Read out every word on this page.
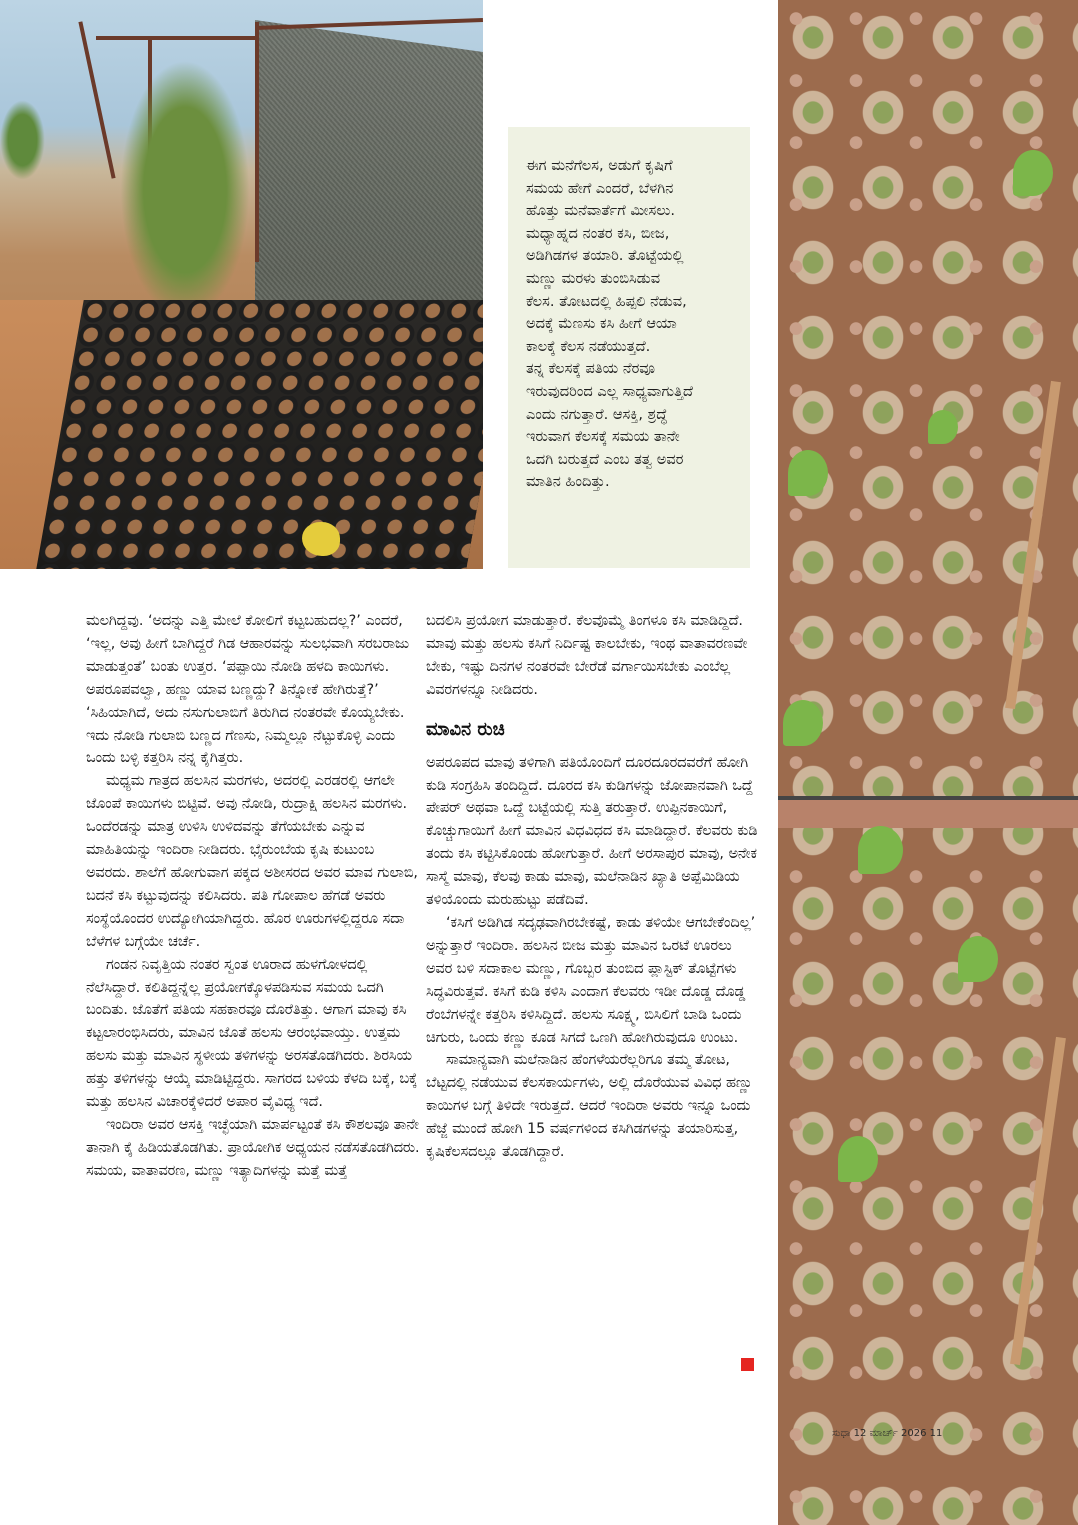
ಈಗ ಮನೆಗೆಲಸ, ಅಡುಗೆ ಕೃಷಿಗೆ
ಸಮಯ ಹೇಗೆ ಎಂದರೆ, ಬೆಳಗಿನ
ಹೊತ್ತು ಮನೆವಾರ್ತೆಗೆ ಮೀಸಲು.
ಮಧ್ಯಾಹ್ನದ ನಂತರ ಕಸಿ, ಬೀಜ,
ಅಡಿಗಿಡಗಳ ತಯಾರಿ. ತೊಟ್ಟೆಯಲ್ಲಿ
ಮಣ್ಣು ಮರಳು ತುಂಬಿಸಿಡುವ
ಕೆಲಸ. ತೋಟದಲ್ಲಿ ಹಿಪ್ಪಲಿ ನೆಡುವ,
ಅದಕ್ಕೆ ಮೆಣಸು ಕಸಿ ಹೀಗೆ ಆಯಾ
ಕಾಲಕ್ಕೆ ಕೆಲಸ ನಡೆಯುತ್ತದೆ.
ತನ್ನ ಕೆಲಸಕ್ಕೆ ಪತಿಯ ನೆರವೂ
ಇರುವುದರಿಂದ ಎಲ್ಲ ಸಾಧ್ಯವಾಗುತ್ತಿದೆ
ಎಂದು ನಗುತ್ತಾರೆ. ಆಸಕ್ತಿ, ಶ್ರದ್ಧೆ
ಇರುವಾಗ ಕೆಲಸಕ್ಕೆ ಸಮಯ ತಾನೇ
ಒದಗಿ ಬರುತ್ತದೆ ಎಂಬ ತತ್ವ ಅವರ
ಮಾತಿನ ಹಿಂದಿತ್ತು.

ಸುಧಾ 12 ಮಾರ್ಚ್ 2026 11

ಮಲಗಿದ್ದವು. ‘ಅದನ್ನು ಎತ್ತಿ ಮೇಲೆ ಕೋಲಿಗೆ ಕಟ್ಟಬಹುದಲ್ಲ?’ ಎಂದರೆ, ‘ಇಲ್ಲ, ಅವು ಹೀಗೆ ಬಾಗಿದ್ದರೆ ಗಿಡ ಆಹಾರವನ್ನು ಸುಲಭವಾಗಿ ಸರಬರಾಜು ಮಾಡುತ್ತಂತೆ’ ಬಂತು ಉತ್ತರ. ‘ಪಪ್ಪಾಯಿ ನೋಡಿ ಹಳದಿ ಕಾಯಿಗಳು. ಅಪರೂಪವಲ್ವಾ, ಹಣ್ಣು ಯಾವ ಬಣ್ಣದ್ದು? ತಿನ್ನೋಕೆ ಹೇಗಿರುತ್ತೆ?’ ‘ಸಿಹಿಯಾಗಿದೆ, ಅದು ನಸುಗುಲಾಬಿಗೆ ತಿರುಗಿದ ನಂತರವೇ ಕೊಯ್ಯಬೇಕು. ಇದು ನೋಡಿ ಗುಲಾಬಿ ಬಣ್ಣದ ಗೆಣಸು, ನಿಮ್ಮಲ್ಲೂ ನೆಟ್ಟುಕೊಳ್ಳಿ ಎಂದು ಒಂದು ಬಳ್ಳಿ ಕತ್ತರಿಸಿ ನನ್ನ ಕೈಗಿತ್ತರು.

ಮಧ್ಯಮ ಗಾತ್ರದ ಹಲಸಿನ ಮರಗಳು, ಅದರಲ್ಲಿ ಎರಡರಲ್ಲಿ ಆಗಲೇ ಜೊಂಪೆ ಕಾಯಿಗಳು ಬಿಟ್ಟಿವೆ. ಅವು ನೋಡಿ, ರುದ್ರಾಕ್ಷಿ ಹಲಸಿನ ಮರಗಳು. ಒಂದೆರಡನ್ನು ಮಾತ್ರ ಉಳಿಸಿ ಉಳಿದವನ್ನು ತೆಗೆಯಬೇಕು ಎನ್ನುವ ಮಾಹಿತಿಯನ್ನು ಇಂದಿರಾ ನೀಡಿದರು. ಭೈರುಂಬೆಯ ಕೃಷಿ ಕುಟುಂಬ ಅವರದು. ಶಾಲೆಗೆ ಹೋಗುವಾಗ ಪಕ್ಕದ ಅಶೀಸರದ ಅವರ ಮಾವ ಗುಲಾಬಿ, ಬದನೆ ಕಸಿ ಕಟ್ಟುವುದನ್ನು ಕಲಿಸಿದರು. ಪತಿ ಗೋಪಾಲ ಹೆಗಡೆ ಅವರು ಸಂಸ್ಥೆಯೊಂದರ ಉದ್ಯೋಗಿಯಾಗಿದ್ದರು. ಹೊರ ಊರುಗಳಲ್ಲಿದ್ದರೂ ಸದಾ ಬೆಳೆಗಳ ಬಗ್ಗೆಯೇ ಚರ್ಚೆ.

ಗಂಡನ ನಿವೃತ್ತಿಯ ನಂತರ ಸ್ವಂತ ಊರಾದ ಹುಳಗೋಳದಲ್ಲಿ ನೆಲೆಸಿದ್ದಾರೆ. ಕಲಿತಿದ್ದನ್ನೆಲ್ಲ ಪ್ರಯೋಗಕ್ಕೊಳಪಡಿಸುವ ಸಮಯ ಒದಗಿ ಬಂದಿತು. ಜೊತೆಗೆ ಪತಿಯ ಸಹಕಾರವೂ ದೊರೆತಿತ್ತು. ಆಗಾಗ ಮಾವು ಕಸಿ ಕಟ್ಟಲಾರಂಭಿಸಿದರು, ಮಾವಿನ ಜೊತೆ ಹಲಸು ಆರಂಭವಾಯ್ತು. ಉತ್ತಮ ಹಲಸು ಮತ್ತು ಮಾವಿನ ಸ್ಥಳೀಯ ತಳಿಗಳನ್ನು ಅರಸತೊಡಗಿದರು. ಶಿರಸಿಯ ಹತ್ತು ತಳಿಗಳನ್ನು ಆಯ್ಕೆ ಮಾಡಿಟ್ಟಿದ್ದರು. ಸಾಗರದ ಬಳಿಯ ಕೆಳದಿ ಬಕ್ಕೆ, ಬಕ್ಕೆ ಮತ್ತು ಹಲಸಿನ ವಿಚಾರಕ್ಕೆಳಿದರೆ ಅಪಾರ ವೈವಿಧ್ಯ ಇದೆ.

ಇಂದಿರಾ ಅವರ ಆಸಕ್ತಿ ಇಚ್ಛೆಯಾಗಿ ಮಾರ್ಪಟ್ಟಂತೆ ಕಸಿ ಕೌಶಲವೂ ತಾನೇ ತಾನಾಗಿ ಕೈ ಹಿಡಿಯತೊಡಗಿತು. ಪ್ರಾಯೋಗಿಕ ಅಧ್ಯಯನ ನಡೆಸತೊಡಗಿದರು. ಸಮಯ, ವಾತಾವರಣ, ಮಣ್ಣು ಇತ್ಯಾದಿಗಳನ್ನು ಮತ್ತೆ ಮತ್ತೆ

ಬದಲಿಸಿ ಪ್ರಯೋಗ ಮಾಡುತ್ತಾರೆ. ಕೆಲವೊಮ್ಮೆ ತಿಂಗಳೂ ಕಸಿ ಮಾಡಿದ್ದಿದೆ. ಮಾವು ಮತ್ತು ಹಲಸು ಕಸಿಗೆ ನಿರ್ದಿಷ್ಟ ಕಾಲಬೇಕು, ಇಂಥ ವಾತಾವರಣವೇ ಬೇಕು, ಇಷ್ಟು ದಿನಗಳ ನಂತರವೇ ಬೇರೆಡೆ ವರ್ಗಾಯಿಸಬೇಕು ಎಂಬೆಲ್ಲ ವಿವರಗಳನ್ನೂ ನೀಡಿದರು.

ಮಾವಿನ ರುಚಿ

ಅಪರೂಪದ ಮಾವು ತಳಿಗಾಗಿ ಪತಿಯೊಂದಿಗೆ ದೂರದೂರದವರೆಗೆ ಹೋಗಿ ಕುಡಿ ಸಂಗ್ರಹಿಸಿ ತಂದಿದ್ದಿದೆ. ದೂರದ ಕಸಿ ಕುಡಿಗಳನ್ನು ಜೋಪಾನವಾಗಿ ಒದ್ದೆ ಪೇಪರ್ ಅಥವಾ ಒದ್ದೆ ಬಟ್ಟೆಯಲ್ಲಿ ಸುತ್ತಿ ತರುತ್ತಾರೆ. ಉಪ್ಪಿನಕಾಯಿಗೆ, ಕೊಚ್ಚುಗಾಯಿಗೆ ಹೀಗೆ ಮಾವಿನ ವಿಧವಿಧದ ಕಸಿ ಮಾಡಿದ್ದಾರೆ. ಕೆಲವರು ಕುಡಿ ತಂದು ಕಸಿ ಕಟ್ಟಿಸಿಕೊಂಡು ಹೋಗುತ್ತಾರೆ. ಹೀಗೆ ಅರಸಾಪುರ ಮಾವು, ಅನೇಕ ಸಾಸ್ಮೆ ಮಾವು, ಕೆಲವು ಕಾಡು ಮಾವು, ಮಲೆನಾಡಿನ ಖ್ಯಾತಿ ಅಪ್ಪೆಮಿಡಿಯ ತಳಿಯೊಂದು ಮರುಹುಟ್ಟು ಪಡೆದಿವೆ.

‘ಕಸಿಗೆ ಅಡಿಗಿಡ ಸದೃಢವಾಗಿರಬೇಕಷ್ಟೆ, ಕಾಡು ತಳಿಯೇ ಆಗಬೇಕೆಂದಿಲ್ಲ’ ಅನ್ನುತ್ತಾರೆ ಇಂದಿರಾ. ಹಲಸಿನ ಬೀಜ ಮತ್ತು ಮಾವಿನ ಒರಟೆ ಊರಲು ಅವರ ಬಳಿ ಸದಾಕಾಲ ಮಣ್ಣು, ಗೊಬ್ಬರ ತುಂಬಿದ ಪ್ಲಾಸ್ಟಿಕ್ ತೊಟ್ಟೆಗಳು ಸಿದ್ಧವಿರುತ್ತವೆ. ಕಸಿಗೆ ಕುಡಿ ಕಳಿಸಿ ಎಂದಾಗ ಕೆಲವರು ಇಡೀ ದೊಡ್ಡ ದೊಡ್ಡ ರೆಂಬೆಗಳನ್ನೇ ಕತ್ತರಿಸಿ ಕಳಿಸಿದ್ದಿದೆ. ಹಲಸು ಸೂಕ್ಷ್ಮ, ಬಿಸಿಲಿಗೆ ಬಾಡಿ ಒಂದು ಚಿಗುರು, ಒಂದು ಕಣ್ಣು ಕೂಡ ಸಿಗದೆ ಒಣಗಿ ಹೋಗಿರುವುದೂ ಉಂಟು.

ಸಾಮಾನ್ಯವಾಗಿ ಮಲೆನಾಡಿನ ಹೆಂಗಳೆಯರೆಲ್ಲರಿಗೂ ತಮ್ಮ ತೋಟ, ಬೆಟ್ಟದಲ್ಲಿ ನಡೆಯುವ ಕೆಲಸಕಾರ್ಯಗಳು, ಅಲ್ಲಿ ದೊರೆಯುವ ವಿವಿಧ ಹಣ್ಣು ಕಾಯಿಗಳ ಬಗ್ಗೆ ತಿಳಿದೇ ಇರುತ್ತದೆ. ಆದರೆ ಇಂದಿರಾ ಅವರು ಇನ್ನೂ ಒಂದು ಹೆಜ್ಜೆ ಮುಂದೆ ಹೋಗಿ 15 ವರ್ಷಗಳಿಂದ ಕಸಿಗಿಡಗಳನ್ನು ತಯಾರಿಸುತ್ತ, ಕೃಷಿಕೆಲಸದಲ್ಲೂ ತೊಡಗಿದ್ದಾರೆ.
